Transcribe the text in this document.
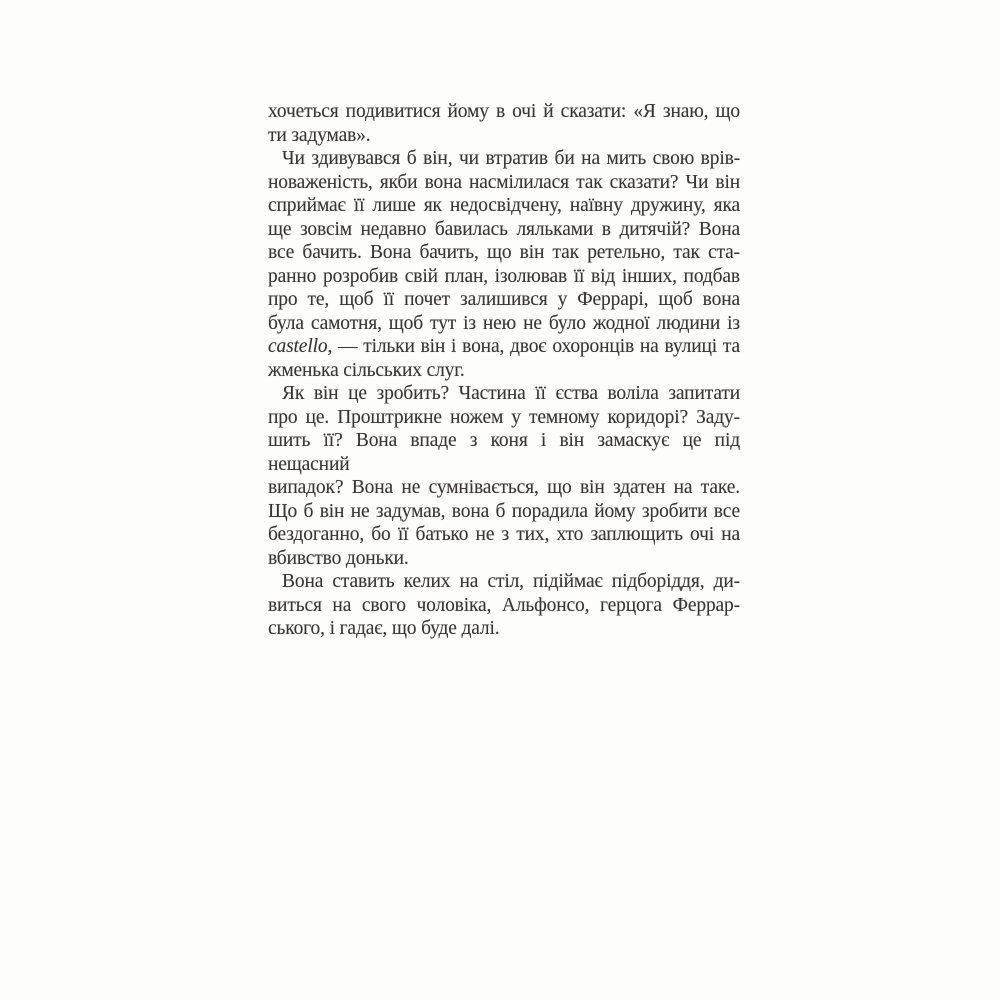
хочеться подивитися йому в очі й сказати: «Я знаю, що
ти задумав».
Чи здивувався б він, чи втратив би на мить свою врів-
новаженість, якби вона насмілилася так сказати? Чи він
сприймає її лише як недосвідчену, наївну дружину, яка
ще зовсім недавно бавилась ляльками в дитячій? Вона
все бачить. Вона бачить, що він так ретельно, так ста-
ранно розробив свій план, ізолював її від інших, подбав
про те, щоб її почет залишився у Феррарі, щоб вона
була самотня, щоб тут із нею не було жодної людини із
castello, — тільки він і вона, двоє охоронців на вулиці та
жменька сільських слуг.
Як він це зробить? Частина її єства воліла запитати
про це. Проштрикне ножем у темному коридорі? Заду-
шить її? Вона впаде з коня і він замаскує це під нещасний
випадок? Вона не сумнівається, що він здатен на таке.
Що б він не задумав, вона б порадила йому зробити все
бездоганно, бо її батько не з тих, хто заплющить очі на
вбивство доньки.
Вона ставить келих на стіл, підіймає підборіддя, ди-
виться на свого чоловіка, Альфонсо, герцога Феррар-
ського, і гадає, що буде далі.
